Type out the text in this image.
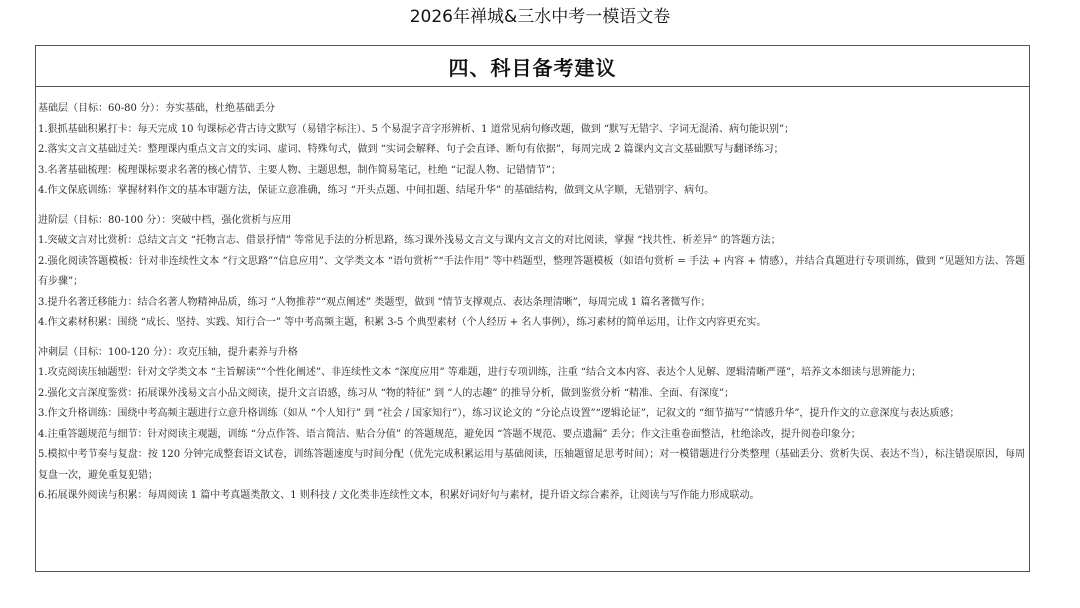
2026年禅城&三水中考一模语文卷
四、科目备考建议
基础层（目标：60-80 分）：夯实基础，杜绝基础丢分
1.狠抓基础积累打卡：每天完成 10 句课标必背古诗文默写（易错字标注）、5 个易混字音字形辨析、1 道常见病句修改题，做到 “默写无错字、字词无混淆、病句能识别”；
2.落实文言文基础过关：整理课内重点文言文的实词、虚词、特殊句式，做到 “实词会解释、句子会直译、断句有依据”，每周完成 2 篇课内文言文基础默写与翻译练习；
3.名著基础梳理：梳理课标要求名著的核心情节、主要人物、主题思想，制作简易笔记，杜绝 “记混人物、记错情节”；
4.作文保底训练：掌握材料作文的基本审题方法，保证立意准确，练习 “开头点题、中间扣题、结尾升华” 的基础结构，做到文从字顺，无错别字、病句。
进阶层（目标：80-100 分）：突破中档，强化赏析与应用
1.突破文言对比赏析：总结文言文 “托物言志、借景抒情” 等常见手法的分析思路，练习课外浅易文言文与课内文言文的对比阅读，掌握 “找共性、析差异” 的答题方法；
2.强化阅读答题模板：针对非连续性文本 “行文思路”“信息应用”、文学类文本 “语句赏析”“手法作用” 等中档题型，整理答题模板（如语句赏析 = 手法 + 内容 + 情感），并结合真题进行专项训练，做到 “见题知方法、答题有步骤”；
3.提升名著迁移能力：结合名著人物精神品质，练习 “人物推荐”“观点阐述” 类题型，做到 “情节支撑观点、表达条理清晰”，每周完成 1 篇名著微写作；
4.作文素材积累：围绕 “成长、坚持、实践、知行合一” 等中考高频主题，积累 3-5 个典型素材（个人经历 + 名人事例），练习素材的简单运用，让作文内容更充实。
冲刺层（目标：100-120 分）：攻克压轴，提升素养与升格
1.攻克阅读压轴题型：针对文学类文本 “主旨解读”“个性化阐述”、非连续性文本 “深度应用” 等难题，进行专项训练，注重 “结合文本内容、表达个人见解、逻辑清晰严谨”，培养文本细读与思辨能力；
2.强化文言深度鉴赏：拓展课外浅易文言小品文阅读，提升文言语感，练习从 “物的特征” 到 “人的志趣” 的推导分析，做到鉴赏分析 “精准、全面、有深度”；
3.作文升格训练：围绕中考高频主题进行立意升格训练（如从 “个人知行” 到 “社会 / 国家知行”），练习议论文的 “分论点设置”“逻辑论证”，记叙文的 “细节描写”“情感升华”，提升作文的立意深度与表达质感；
4.注重答题规范与细节：针对阅读主观题，训练 “分点作答、语言简洁、贴合分值” 的答题规范，避免因 “答题不规范、要点遗漏” 丢分；作文注重卷面整洁，杜绝涂改，提升阅卷印象分；
5.模拟中考节奏与复盘：按 120 分钟完成整套语文试卷，训练答题速度与时间分配（优先完成积累运用与基础阅读，压轴题留足思考时间）；对一模错题进行分类整理（基础丢分、赏析失误、表达不当），标注错误原因，每周复盘一次，避免重复犯错；
6.拓展课外阅读与积累：每周阅读 1 篇中考真题类散文、1 则科技 / 文化类非连续性文本，积累好词好句与素材，提升语文综合素养，让阅读与写作能力形成联动。
